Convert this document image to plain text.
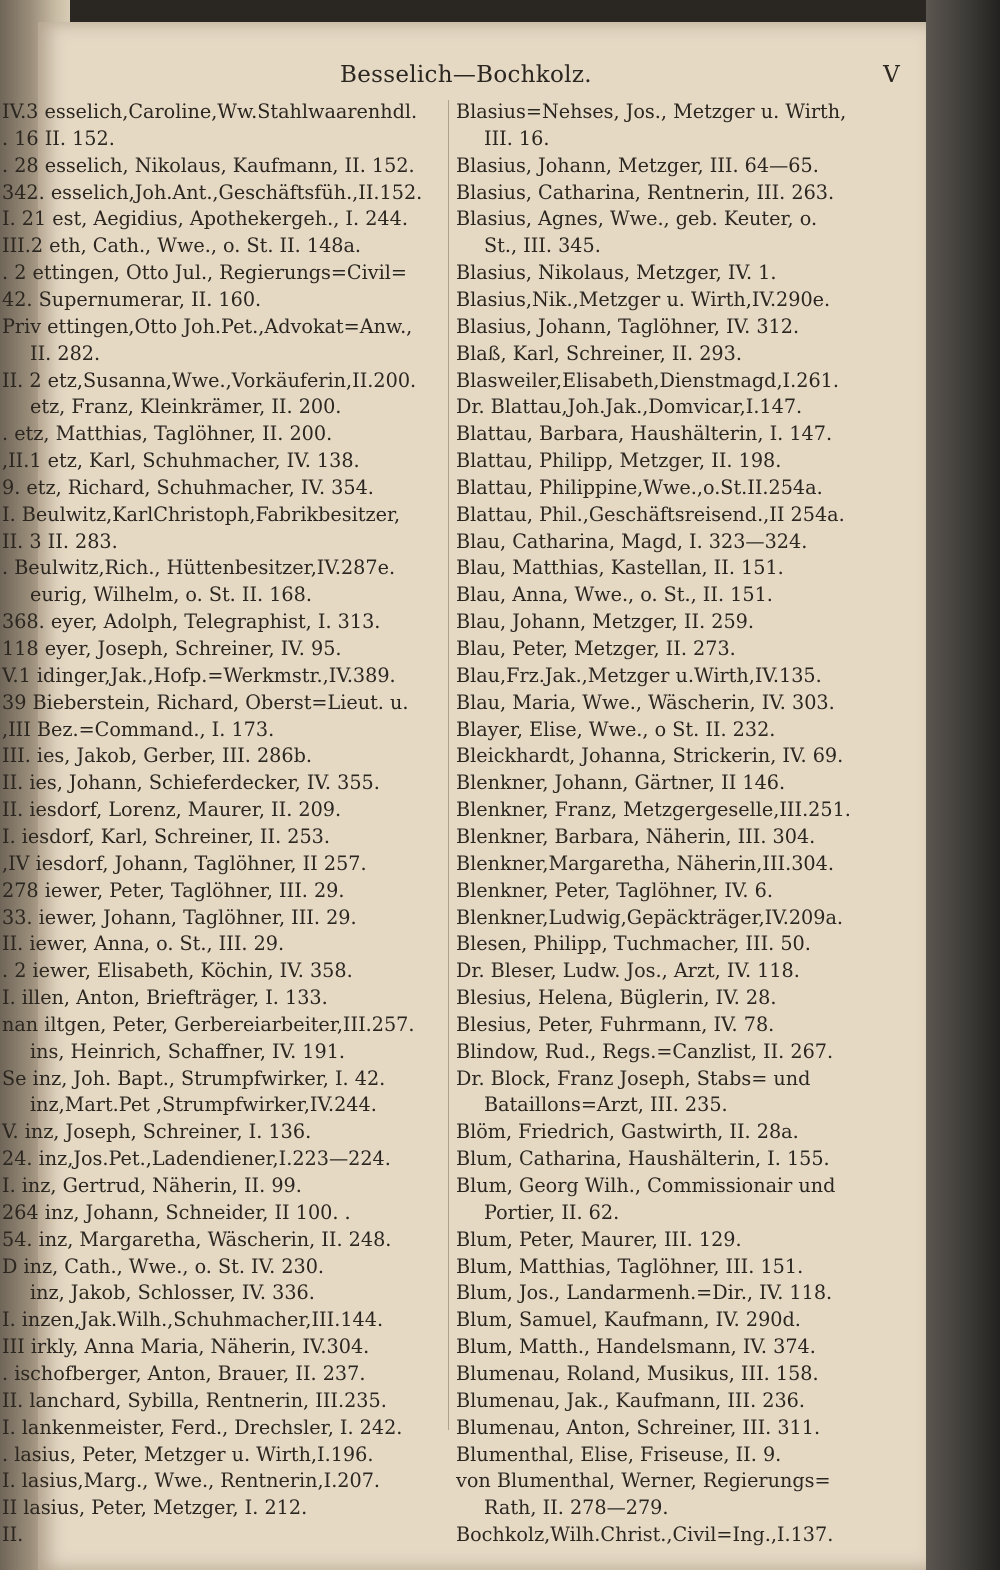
Besselich—Bochkolz.	V
IV.3 esselich,Caroline,Ww.Stahlwaarenhdl.
. 16 II. 152.
. 28 esselich, Nikolaus, Kaufmann, II. 152.
342. esselich,Joh.Ant.,Geschäftsfüh.,II.152.
I. 21 est, Aegidius, Apothekergeh., I. 244.
III.2 eth, Cath., Wwe., o. St. II. 148a.
. 2 ettingen, Otto Jul., Regierungs=Civil=
42. Supernumerar, II. 160.
Priv ettingen,Otto Joh.Pet.,Advokat=Anw.,
II. 282.
II. 2 etz,Susanna,Wwe.,Vorkäuferin,II.200.
etz, Franz, Kleinkrämer, II. 200.
. etz, Matthias, Taglöhner, II. 200.
,II.1 etz, Karl, Schuhmacher, IV. 138.
9. etz, Richard, Schuhmacher, IV. 354.
I. Beulwitz,KarlChristoph,Fabrikbesitzer,
II. 3 II. 283.
. Beulwitz,Rich., Hüttenbesitzer,IV.287e.
eurig, Wilhelm, o. St. II. 168.
368. eyer, Adolph, Telegraphist, I. 313.
118 eyer, Joseph, Schreiner, IV. 95.
V.1 idinger,Jak.,Hofp.=Werkmstr.,IV.389.
39 Bieberstein, Richard, Oberst=Lieut. u.
,III Bez.=Command., I. 173.
III. ies, Jakob, Gerber, III. 286b.
II. ies, Johann, Schieferdecker, IV. 355.
II. iesdorf, Lorenz, Maurer, II. 209.
I. iesdorf, Karl, Schreiner, II. 253.
,IV iesdorf, Johann, Taglöhner, II 257.
278 iewer, Peter, Taglöhner, III. 29.
33. iewer, Johann, Taglöhner, III. 29.
II. iewer, Anna, o. St., III. 29.
. 2 iewer, Elisabeth, Köchin, IV. 358.
I. illen, Anton, Briefträger, I. 133.
nan iltgen, Peter, Gerbereiarbeiter,III.257.
ins, Heinrich, Schaffner, IV. 191.
Se inz, Joh. Bapt., Strumpfwirker, I. 42.
inz,Mart.Pet ,Strumpfwirker,IV.244.
V. inz, Joseph, Schreiner, I. 136.
24. inz,Jos.Pet.,Ladendiener,I.223—224.
I. inz, Gertrud, Näherin, II. 99.
264 inz, Johann, Schneider, II 100. .
54. inz, Margaretha, Wäscherin, II. 248.
D inz, Cath., Wwe., o. St. IV. 230.
inz, Jakob, Schlosser, IV. 336.
I. inzen,Jak.Wilh.,Schuhmacher,III.144.
III irkly, Anna Maria, Näherin, IV.304.
. ischofberger, Anton, Brauer, II. 237.
II. lanchard, Sybilla, Rentnerin, III.235.
I. lankenmeister, Ferd., Drechsler, I. 242.
. lasius, Peter, Metzger u. Wirth,I.196.
I. lasius,Marg., Wwe., Rentnerin,I.207.
II lasius, Peter, Metzger, I. 212.
II.
Blasius=Nehses, Jos., Metzger u. Wirth,
III. 16.
Blasius, Johann, Metzger, III. 64—65.
Blasius, Catharina, Rentnerin, III. 263.
Blasius, Agnes, Wwe., geb. Keuter, o.
St., III. 345.
Blasius, Nikolaus, Metzger, IV. 1.
Blasius,Nik.,Metzger u. Wirth,IV.290e.
Blasius, Johann, Taglöhner, IV. 312.
Blaß, Karl, Schreiner, II. 293.
Blasweiler,Elisabeth,Dienstmagd,I.261.
Dr. Blattau,Joh.Jak.,Domvicar,I.147.
Blattau, Barbara, Haushälterin, I. 147.
Blattau, Philipp, Metzger, II. 198.
Blattau, Philippine,Wwe.,o.St.II.254a.
Blattau, Phil.,Geschäftsreisend.,II 254a.
Blau, Catharina, Magd, I. 323—324.
Blau, Matthias, Kastellan, II. 151.
Blau, Anna, Wwe., o. St., II. 151.
Blau, Johann, Metzger, II. 259.
Blau, Peter, Metzger, II. 273.
Blau,Frz.Jak.,Metzger u.Wirth,IV.135.
Blau, Maria, Wwe., Wäscherin, IV. 303.
Blayer, Elise, Wwe., o St. II. 232.
Bleickhardt, Johanna, Strickerin, IV. 69.
Blenkner, Johann, Gärtner, II 146.
Blenkner, Franz, Metzgergeselle,III.251.
Blenkner, Barbara, Näherin, III. 304.
Blenkner,Margaretha, Näherin,III.304.
Blenkner, Peter, Taglöhner, IV. 6.
Blenkner,Ludwig,Gepäckträger,IV.209a.
Blesen, Philipp, Tuchmacher, III. 50.
Dr. Bleser, Ludw. Jos., Arzt, IV. 118.
Blesius, Helena, Büglerin, IV. 28.
Blesius, Peter, Fuhrmann, IV. 78.
Blindow, Rud., Regs.=Canzlist, II. 267.
Dr. Block, Franz Joseph, Stabs= und
Bataillons=Arzt, III. 235.
Blöm, Friedrich, Gastwirth, II. 28a.
Blum, Catharina, Haushälterin, I. 155.
Blum, Georg Wilh., Commissionair und
Portier, II. 62.
Blum, Peter, Maurer, III. 129.
Blum, Matthias, Taglöhner, III. 151.
Blum, Jos., Landarmenh.=Dir., IV. 118.
Blum, Samuel, Kaufmann, IV. 290d.
Blum, Matth., Handelsmann, IV. 374.
Blumenau, Roland, Musikus, III. 158.
Blumenau, Jak., Kaufmann, III. 236.
Blumenau, Anton, Schreiner, III. 311.
Blumenthal, Elise, Friseuse, II. 9.
von Blumenthal, Werner, Regierungs=
Rath, II. 278—279.
Bochkolz,Wilh.Christ.,Civil=Ing.,I.137.
